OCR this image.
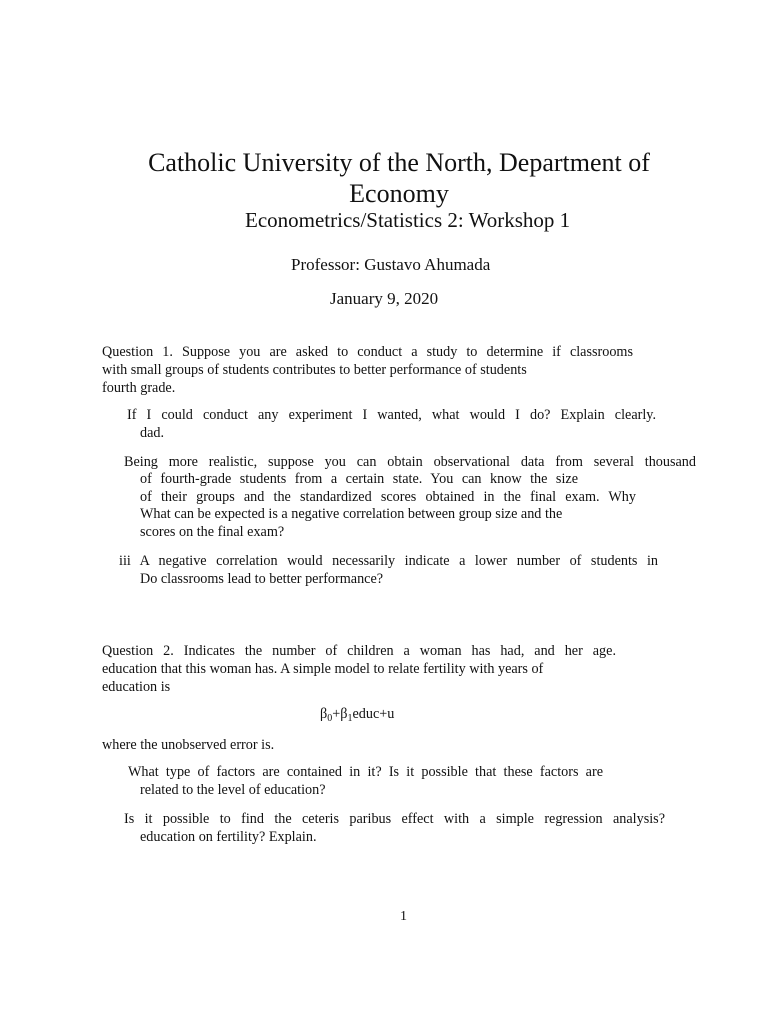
Catholic University of the North, Department of
Economy
Econometrics/Statistics 2: Workshop 1
Professor: Gustavo Ahumada
January 9, 2020
Question 1. Suppose you are asked to conduct a study to determine if classrooms
with small groups of students contributes to better performance of students
fourth grade.
If I could conduct any experiment I wanted, what would I do? Explain clearly.
dad.
Being more realistic, suppose you can obtain observational data from several thousand
of fourth-grade students from a certain state. You can know the size
of their groups and the standardized scores obtained in the final exam. Why
What can be expected is a negative correlation between group size and the
scores on the final exam?
iii A negative correlation would necessarily indicate a lower number of students in
Do classrooms lead to better performance?
Question 2. Indicates the number of children a woman has had, and her age.
education that this woman has. A simple model to relate fertility with years of
education is
$\beta_0+\beta_1educ+u$
where the unobserved error is.
What type of factors are contained in it? Is it possible that these factors are
related to the level of education?
Is it possible to find the ceteris paribus effect with a simple regression analysis?
education on fertility? Explain.
1
